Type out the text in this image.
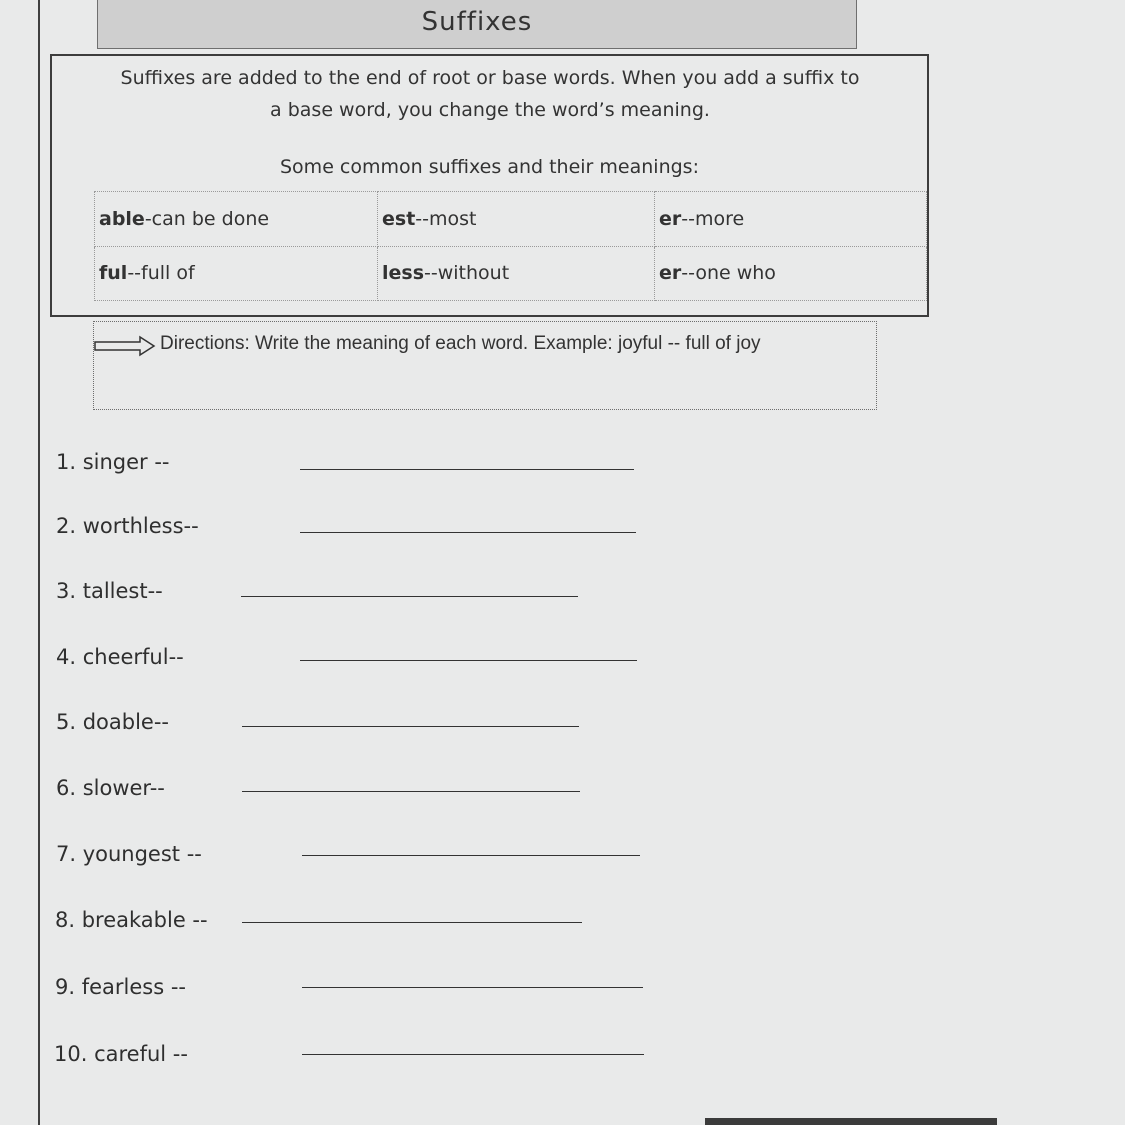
Suffixes
Suffixes are added to the end of root or base words. When you add a suffix to
a base word, you change the word’s meaning.
Some common suffixes and their meanings:
able-can be done	est--most	er--more
ful--full of	less--without	er--one who
Directions: Write the meaning of each word. Example: joyful -- full of joy
1. singer --
2. worthless--
3. tallest--
4. cheerful--
5. doable--
6. slower--
7. youngest --
8. breakable --
9. fearless --
10. careful --
